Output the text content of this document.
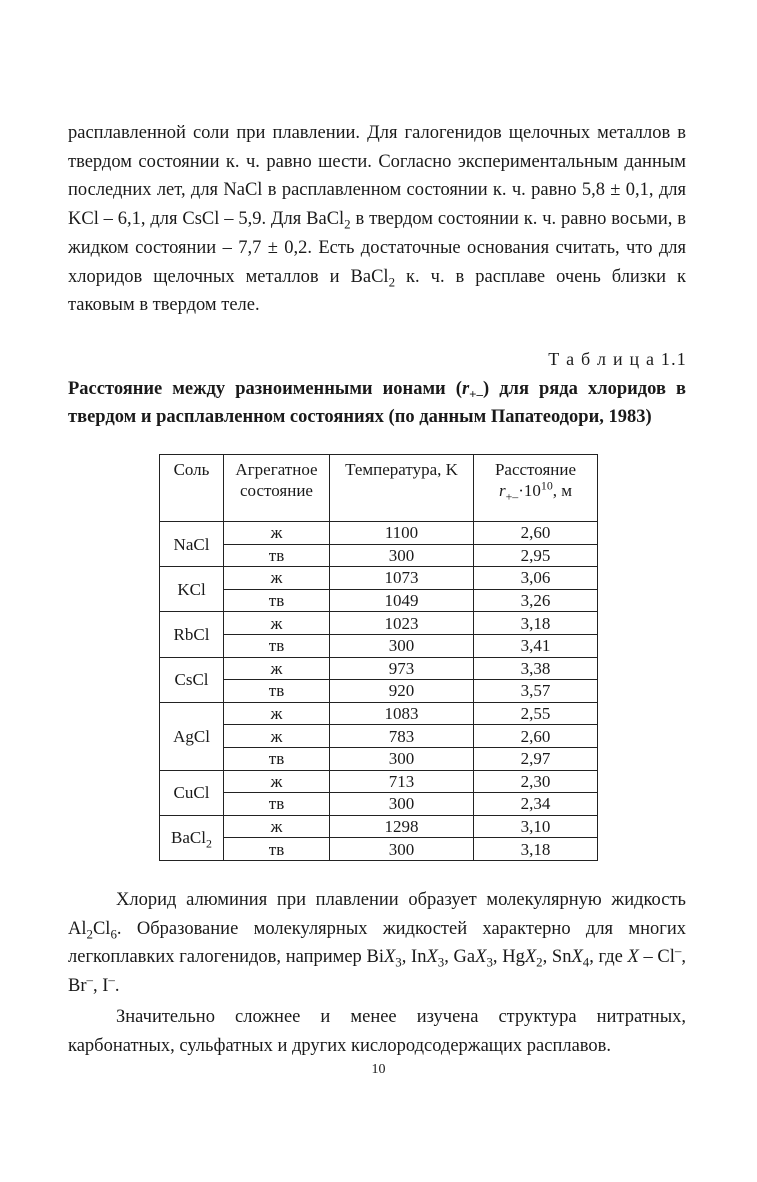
расплавленной соли при плавлении. Для галогенидов щелочных металлов в твердом состоянии к. ч. равно шести. Согласно экспериментальным данным последних лет, для NaCl в расплавленном состоянии к. ч. равно 5,8 ± 0,1, для KCl – 6,1, для CsCl – 5,9. Для BaCl$_2$ в твердом состоянии к. ч. равно восьми, в жидком состоянии – 7,7 ± 0,2. Есть достаточные основания считать, что для хлоридов щелочных металлов и BaCl$_2$ к. ч. в расплаве очень близки к таковым в твердом теле.

Т а б л и ц а 1.1
Расстояние между разноименными ионами $(r_{+-})$ для ряда хлоридов в твердом и расплавленном состояниях (по данным Папатеодори, 1983)
Соль	Агрегатное состояние	Температура, K	Расстояние
$r_{+-}\cdot 10^{10}$, м
NaCl	ж	1100	2,60
	тв	300	2,95
KCl	ж	1073	3,06
	тв	1049	3,26
RbCl	ж	1023	3,18
	тв	300	3,41
CsCl	ж	973	3,38
	тв	920	3,57
AgCl	ж	1083	2,55
	ж	783	2,60
	тв	300	2,97
CuCl	ж	713	2,30
	тв	300	2,34
BaCl$_2$	ж	1298	3,10
	тв	300	3,18

Хлорид алюминия при плавлении образует молекулярную жидкость $Al_2Cl_6$. Образование молекулярных жидкостей характерно для многих легкоплавких галогенидов, например BiX$_3$, InX$_3$, GaX$_3$, HgX$_2$, SnX$_4$, где X – Cl–, Br–, I–.

Значительно сложнее и менее изучена структура нитратных, карбонатных, сульфатных и других кислородсодержащих расплавов.

10
